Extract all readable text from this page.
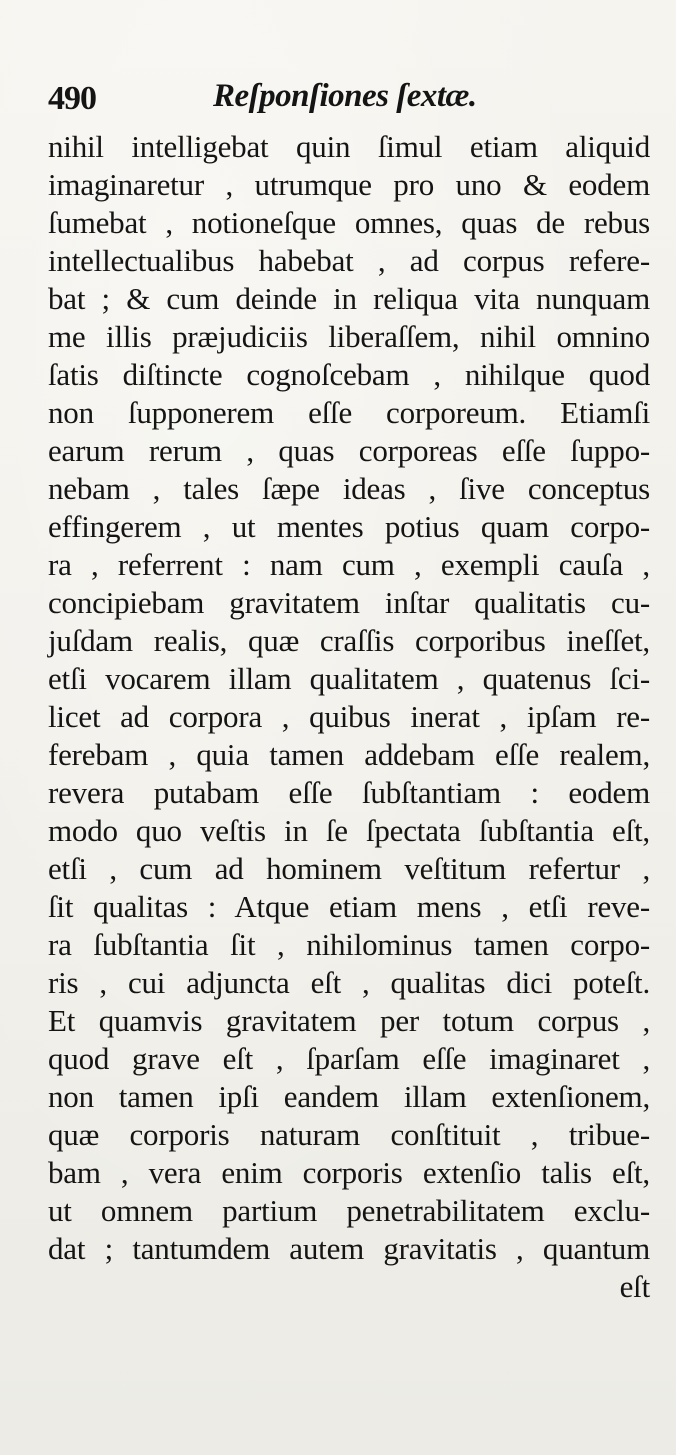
490	Reſponſiones ſextæ.
nihil intelligebat quin ſimul etiam aliquid
imaginaretur , utrumque pro uno & eodem
ſumebat , notioneſque omnes, quas de rebus
intellectualibus habebat , ad corpus refere-
bat ; & cum deinde in reliqua vita nunquam
me illis præjudiciis liberaſſem, nihil omnino
ſatis diſtincte cognoſcebam , nihilque quod
non ſupponerem eſſe corporeum. Etiamſi
earum rerum , quas corporeas eſſe ſuppo-
nebam , tales ſæpe ideas , ſive conceptus
effingerem , ut mentes potius quam corpo-
ra , referrent : nam cum , exempli cauſa ,
concipiebam gravitatem inſtar qualitatis cu-
juſdam realis, quæ craſſis corporibus ineſſet,
etſi vocarem illam qualitatem , quatenus ſci-
licet ad corpora , quibus inerat , ipſam re-
ferebam , quia tamen addebam eſſe realem,
revera putabam eſſe ſubſtantiam : eodem
modo quo veſtis in ſe ſpectata ſubſtantia eſt,
etſi , cum ad hominem veſtitum refertur ,
ſit qualitas : Atque etiam mens , etſi reve-
ra ſubſtantia ſit , nihilominus tamen corpo-
ris , cui adjuncta eſt , qualitas dici poteſt.
Et quamvis gravitatem per totum corpus ,
quod grave eſt , ſparſam eſſe imaginaret ,
non tamen ipſi eandem illam extenſionem,
quæ corporis naturam conſtituit , tribue-
bam , vera enim corporis extenſio talis eſt,
ut omnem partium penetrabilitatem exclu-
dat ; tantumdem autem gravitatis , quantum
eſt
